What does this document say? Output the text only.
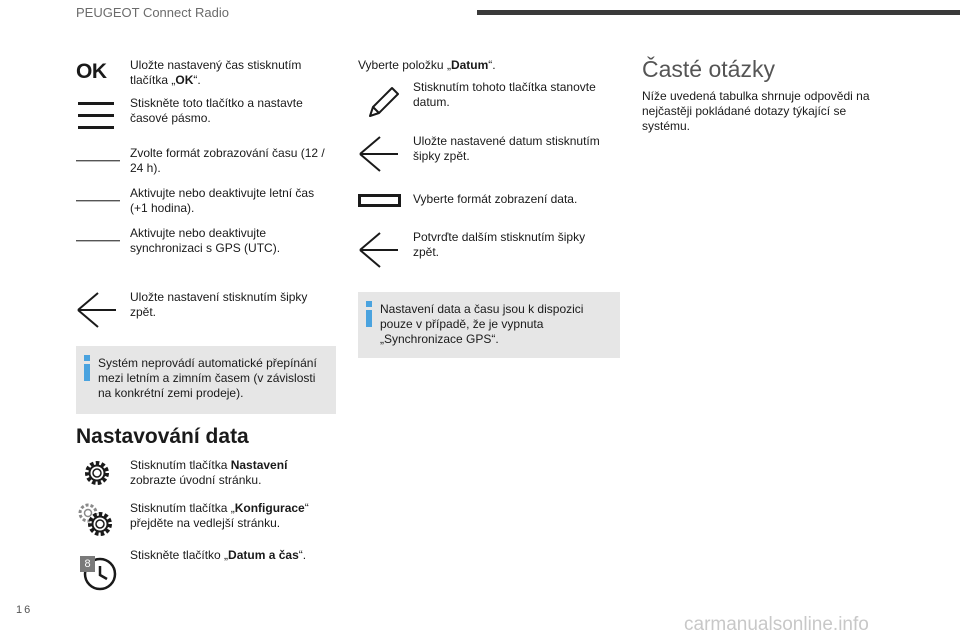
PEUGEOT Connect Radio
OK Uložte nastavený čas stisknutím tlačítka „OK“.
Stiskněte toto tlačítko a nastavte časové pásmo.
Zvolte formát zobrazování času (12 / 24 h).
Aktivujte nebo deaktivujte letní čas (+1 hodina).
Aktivujte nebo deaktivujte synchronizaci s GPS (UTC).
Uložte nastavení stisknutím šipky zpět.
Systém neprovádí automatické přepínání mezi letním a zimním časem (v závislosti na konkrétní zemi prodeje).
Nastavování data
Stisknutím tlačítka Nastavení zobrazte úvodní stránku.
Stisknutím tlačítka „Konfigurace“ přejděte na vedlejší stránku.
8
Stiskněte tlačítko „Datum a čas“.
Vyberte položku „Datum“.
Stisknutím tohoto tlačítka stanovte datum.
Uložte nastavené datum stisknutím šipky zpět.
Vyberte formát zobrazení data.
Potvrďte dalším stisknutím šipky zpět.
Nastavení data a času jsou k dispozici pouze v případě, že je vypnuta „Synchronizace GPS“.
Časté otázky
Níže uvedená tabulka shrnuje odpovědi na nejčastěji pokládané dotazy týkající se systému.
16
carmanualsonline.info
